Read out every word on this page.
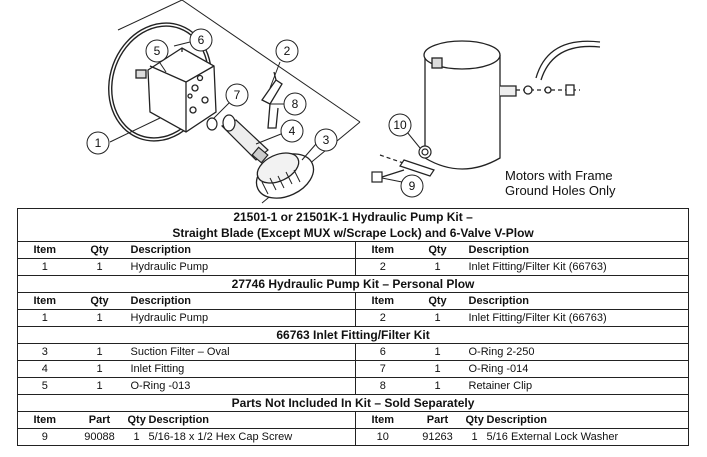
1
2
3
4
5
6
7
8
9
10
Motors with Frame
Ground Holes Only
21501-1 or 21501K-1 Hydraulic Pump Kit –							
Straight Blade (Except MUX w/Scrape Lock) and 6-Valve V-Plow							
Item	Qty	Description		Item	Qty	Description	
1	1	Hydraulic Pump		2	1	Inlet Fitting/Filter Kit (66763)	
27746 Hydraulic Pump Kit – Personal Plow							
Item	Qty	Description		Item	Qty	Description	
1	1	Hydraulic Pump		2	1	Inlet Fitting/Filter Kit (66763)	
66763 Inlet Fitting/Filter Kit							
3	1	Suction Filter – Oval		6	1	O-Ring 2-250	
4	1	Inlet Fitting		7	1	O-Ring -014	
5	1	O-Ring -013		8	1	Retainer Clip	
Parts Not Included In Kit – Sold Separately							
Item	Part	Qty	Description	Item	Part	Qty	Description
9	90088	1	5/16-18 x 1/2 Hex Cap Screw	10	91263	1	5/16 External Lock Washer
